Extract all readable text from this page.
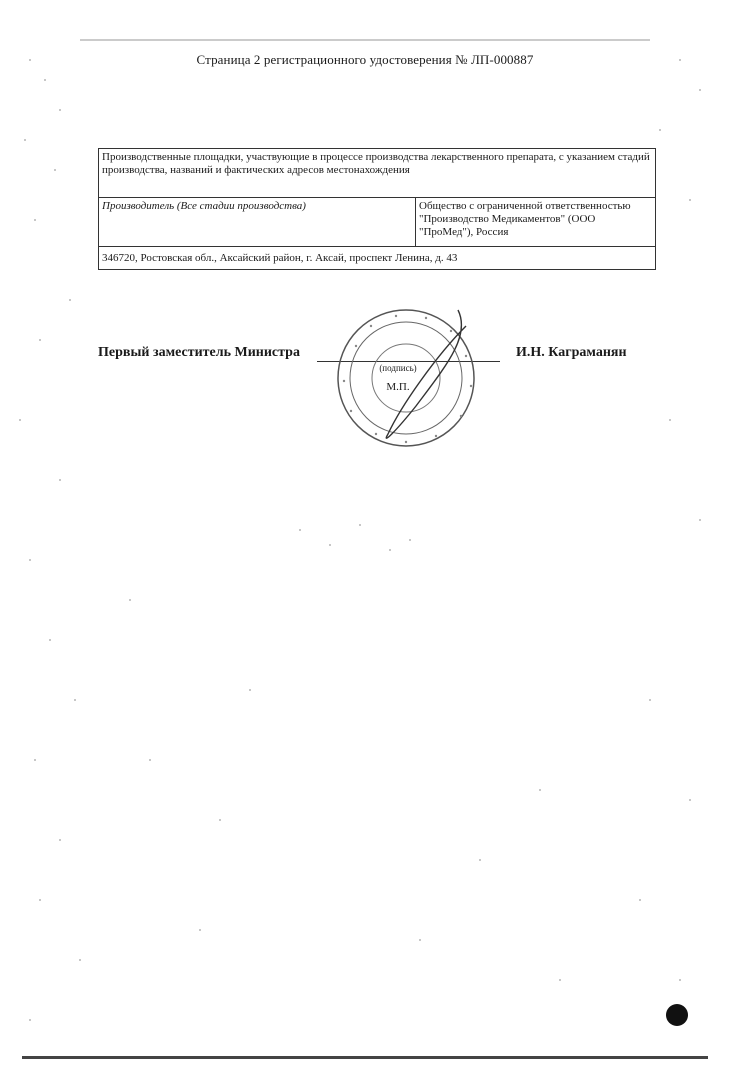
Страница 2 регистрационного удостоверения № ЛП-000887
Производственные площадки, участвующие в процессе производства лекарственного препарата, с указанием стадий производства, названий и фактических адресов местонахождения
Производитель (Все стадии производства)	Общество с ограниченной ответственностью "Производство Медикаментов" (ООО "ПроМед"), Россия
346720, Ростовская обл., Аксайский район, г. Аксай, проспект Ленина, д. 43
Первый заместитель Министра	И.Н. Каграманян
(подпись)
М.П.
